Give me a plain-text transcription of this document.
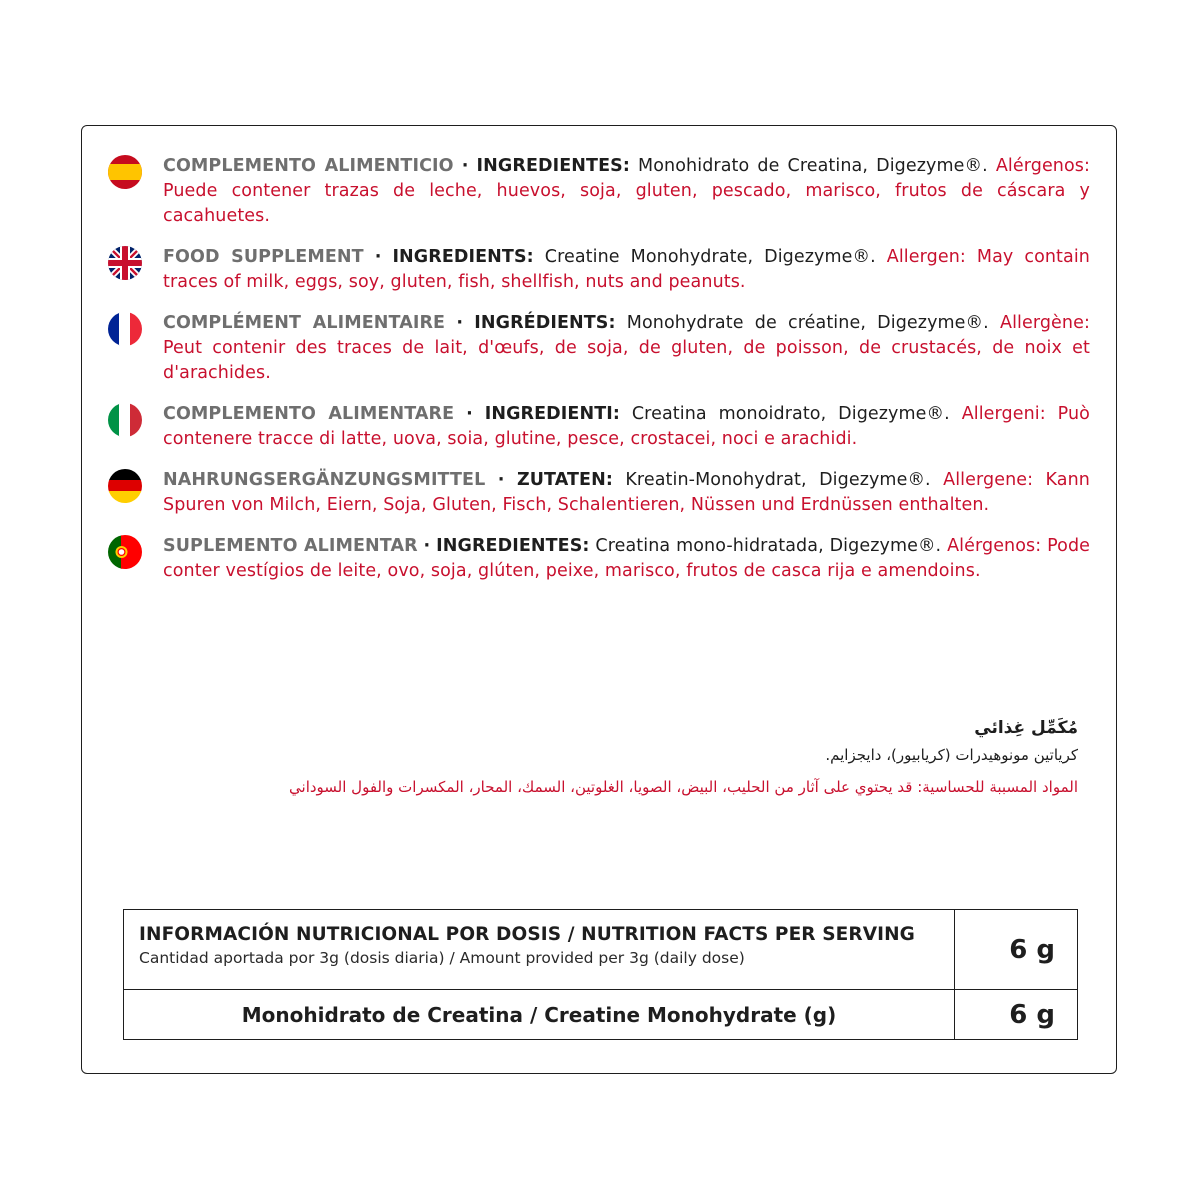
COMPLEMENTO ALIMENTICIO · INGREDIENTES: Monohidrato de Creatina, Digezyme®. Alérgenos: Puede contener trazas de leche, huevos, soja, gluten, pescado, marisco, frutos de cáscara y cacahuetes.

FOOD SUPPLEMENT · INGREDIENTS: Creatine Monohydrate, Digezyme®. Allergen: May contain traces of milk, eggs, soy, gluten, fish, shellfish, nuts and peanuts.

COMPLÉMENT ALIMENTAIRE · INGRÉDIENTS: Monohydrate de créatine, Digezyme®. Allergène: Peut contenir des traces de lait, d'œufs, de soja, de gluten, de poisson, de crustacés, de noix et d'arachides.

COMPLEMENTO ALIMENTARE · INGREDIENTI: Creatina monoidrato, Digezyme®. Allergeni: Può contenere tracce di latte, uova, soia, glutine, pesce, crostacei, noci e arachidi.

NAHRUNGSERGÄNZUNGSMITTEL · ZUTATEN: Kreatin-Monohydrat, Digezyme®. Allergene: Kann Spuren von Milch, Eiern, Soja, Gluten, Fisch, Schalentieren, Nüssen und Erdnüssen enthalten.

SUPLEMENTO ALIMENTAR · INGREDIENTES: Creatina mono-hidratada, Digezyme®. Alérgenos: Pode conter vestígios de leite, ovo, soja, glúten, peixe, marisco, frutos de casca rija e amendoins.

مُكَمِّل غِذائي

كرياتين مونوهيدرات (كريابيور)، دايجزايم.

المواد المسببة للحساسية: قد يحتوي على آثار من الحليب، البيض، الصويا، الغلوتين، السمك، المحار، المكسرات والفول السوداني

INFORMACIÓN NUTRICIONAL POR DOSIS / NUTRITION FACTS PER SERVING

Cantidad aportada por 3g (dosis diaria) / Amount provided per 3g (daily dose)	6 g
Monohidrato de Creatina / Creatine Monohydrate (g)	6 g
